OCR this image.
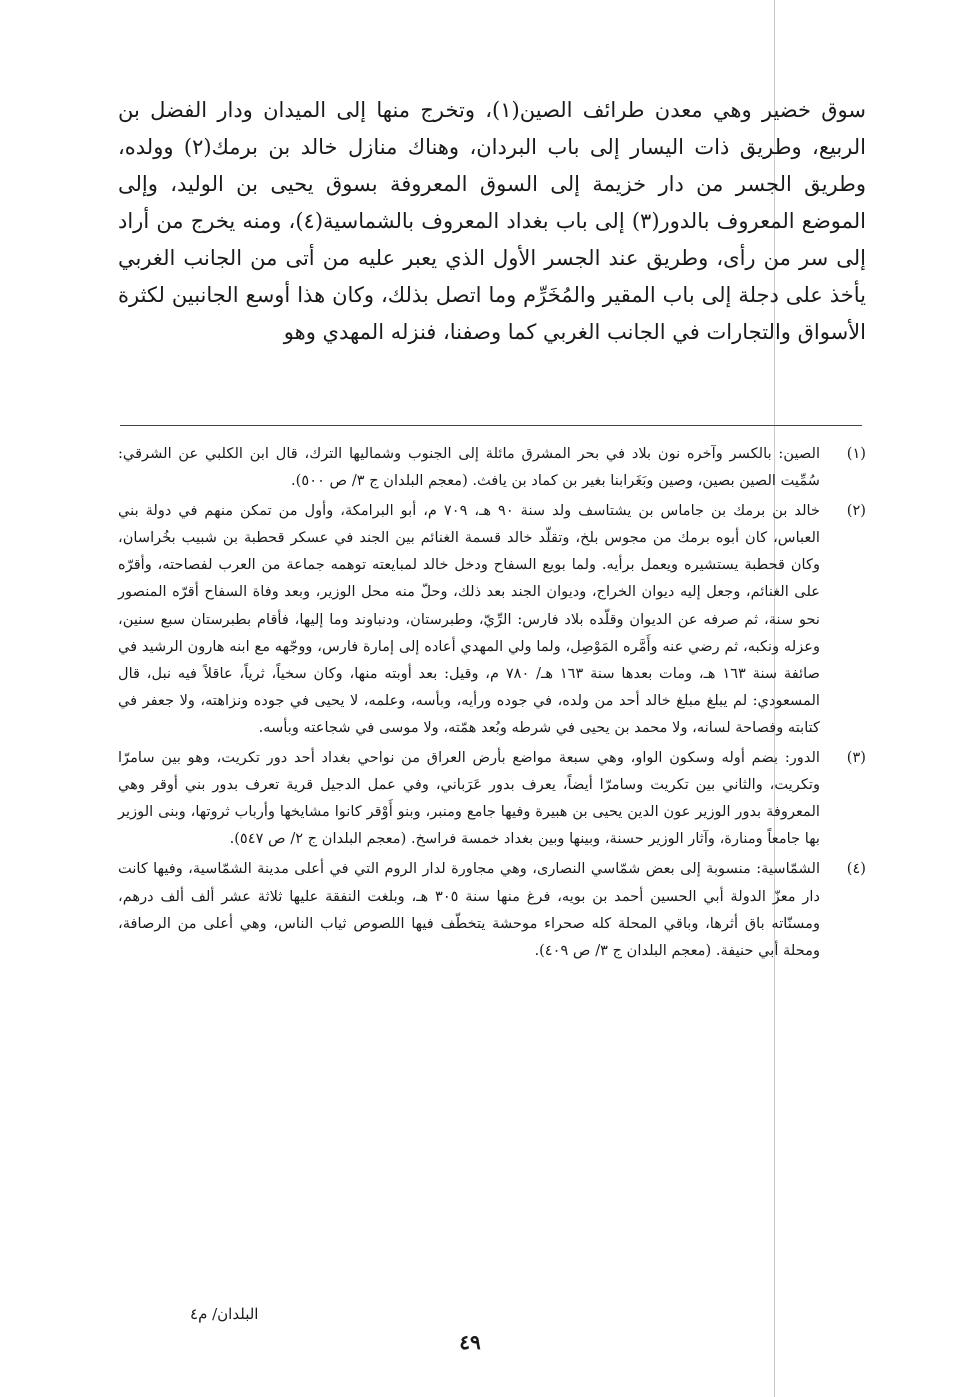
سوق خضير وهي معدن طرائف الصين(١)، وتخرج منها إلى الميدان ودار الفضل بن الربيع، وطريق ذات اليسار إلى باب البردان، وهناك منازل خالد بن برمك(٢) وولده، وطريق الجسر من دار خزيمة إلى السوق المعروفة بسوق يحيى بن الوليد، وإلى الموضع المعروف بالدور(٣) إلى باب بغداد المعروف بالشماسية(٤)، ومنه يخرج من أراد إلى سر من رأى، وطريق عند الجسر الأول الذي يعبر عليه من أتى من الجانب الغربي يأخذ على دجلة إلى باب المقير والمُخَرِّم وما اتصل بذلك، وكان هذا أوسع الجانبين لكثرة الأسواق والتجارات في الجانب الغربي كما وصفنا، فنزله المهدي وهو

(١)
الصين: بالكسر وآخره نون بلاد في بحر المشرق مائلة إلى الجنوب وشماليها الترك، قال ابن الكلبي عن الشرقي: سُمِّيت الصين بصين، وصين وبَغَرابنا بغير بن كماد بن يافث. (معجم البلدان ج ٣/ ص ٥٠٠).
(٢)
خالد بن برمك بن جاماس بن يشتاسف ولد سنة ٩٠ هـ، ٧٠٩ م، أبو البرامكة، وأول من تمكن منهم في دولة بني العباس، كان أبوه برمك من مجوس بلخ، وتقلّد خالد قسمة الغنائم بين الجند في عسكر قحطبة بن شبيب بخُراسان، وكان قحطبة يستشيره ويعمل برأيه. ولما بويع السفاح ودخل خالد لمبايعته توهمه جماعة من العرب لفصاحته، وأقرّه على الغنائم، وجعل إليه ديوان الخراج، وديوان الجند بعد ذلك، وحلّ منه محل الوزير، وبعد وفاة السفاح أقرّه المنصور نحو سنة، ثم صرفه عن الديوان وقلّده بلاد فارس: الرِّيّ، وطبرستان، ودنباوند وما إليها، فأقام بطبرستان سبع سنين، وعزله ونكبه، ثم رضي عنه وأَمَّره المَوْصِل، ولما ولي المهدي أعاده إلى إمارة فارس، ووجّهه مع ابنه هارون الرشيد في صائفة سنة ١٦٣ هـ، ومات بعدها سنة ١٦٣ هـ/ ٧٨٠ م، وقيل: بعد أوبته منها، وكان سخياً، ثرياً، عاقلاً فيه نبل، قال المسعودي: لم يبلغ مبلغ خالد أحد من ولده، في جوده ورأيه، وبأسه، وعلمه، لا يحيى في جوده ونزاهته، ولا جعفر في كتابته وفصاحة لسانه، ولا محمد بن يحيى في شرطه وبُعد همّته، ولا موسى في شجاعته وبأسه.
(٣)
الدور: بضم أوله وسكون الواو، وهي سبعة مواضع بأرض العراق من نواحي بغداد أحد دور تكريت، وهو بين سامرّا وتكريت، والثاني بين تكريت وسامرّا أيضاً، يعرف بدور عَرَباني، وفي عمل الدجيل قرية تعرف بدور بني أوقر وهي المعروفة بدور الوزير عون الدين يحيى بن هبيرة وفيها جامع ومنبر، وبنو أَوْقر كانوا مشايخها وأرباب ثروتها، وبنى الوزير بها جامعاً ومنارة، وآثار الوزير حسنة، وبينها وبين بغداد خمسة فراسخ. (معجم البلدان ج ٢/ ص ٥٤٧).
(٤)
الشمّاسية: منسوبة إلى بعض شمّاسي النصارى، وهي مجاورة لدار الروم التي في أعلى مدينة الشمّاسية، وفيها كانت دار معزّ الدولة أبي الحسين أحمد بن بويه، فرغ منها سنة ٣٠٥ هـ، وبلغت النفقة عليها ثلاثة عشر ألف ألف درهم، ومسنّاته باق أثرها، وباقي المحلة كله صحراء موحشة يتخطّف فيها اللصوص ثياب الناس، وهي أعلى من الرصافة، ومحلة أبي حنيفة. (معجم البلدان ج ٣/ ص ٤٠٩).
البلدان/ م٤
٤٩
